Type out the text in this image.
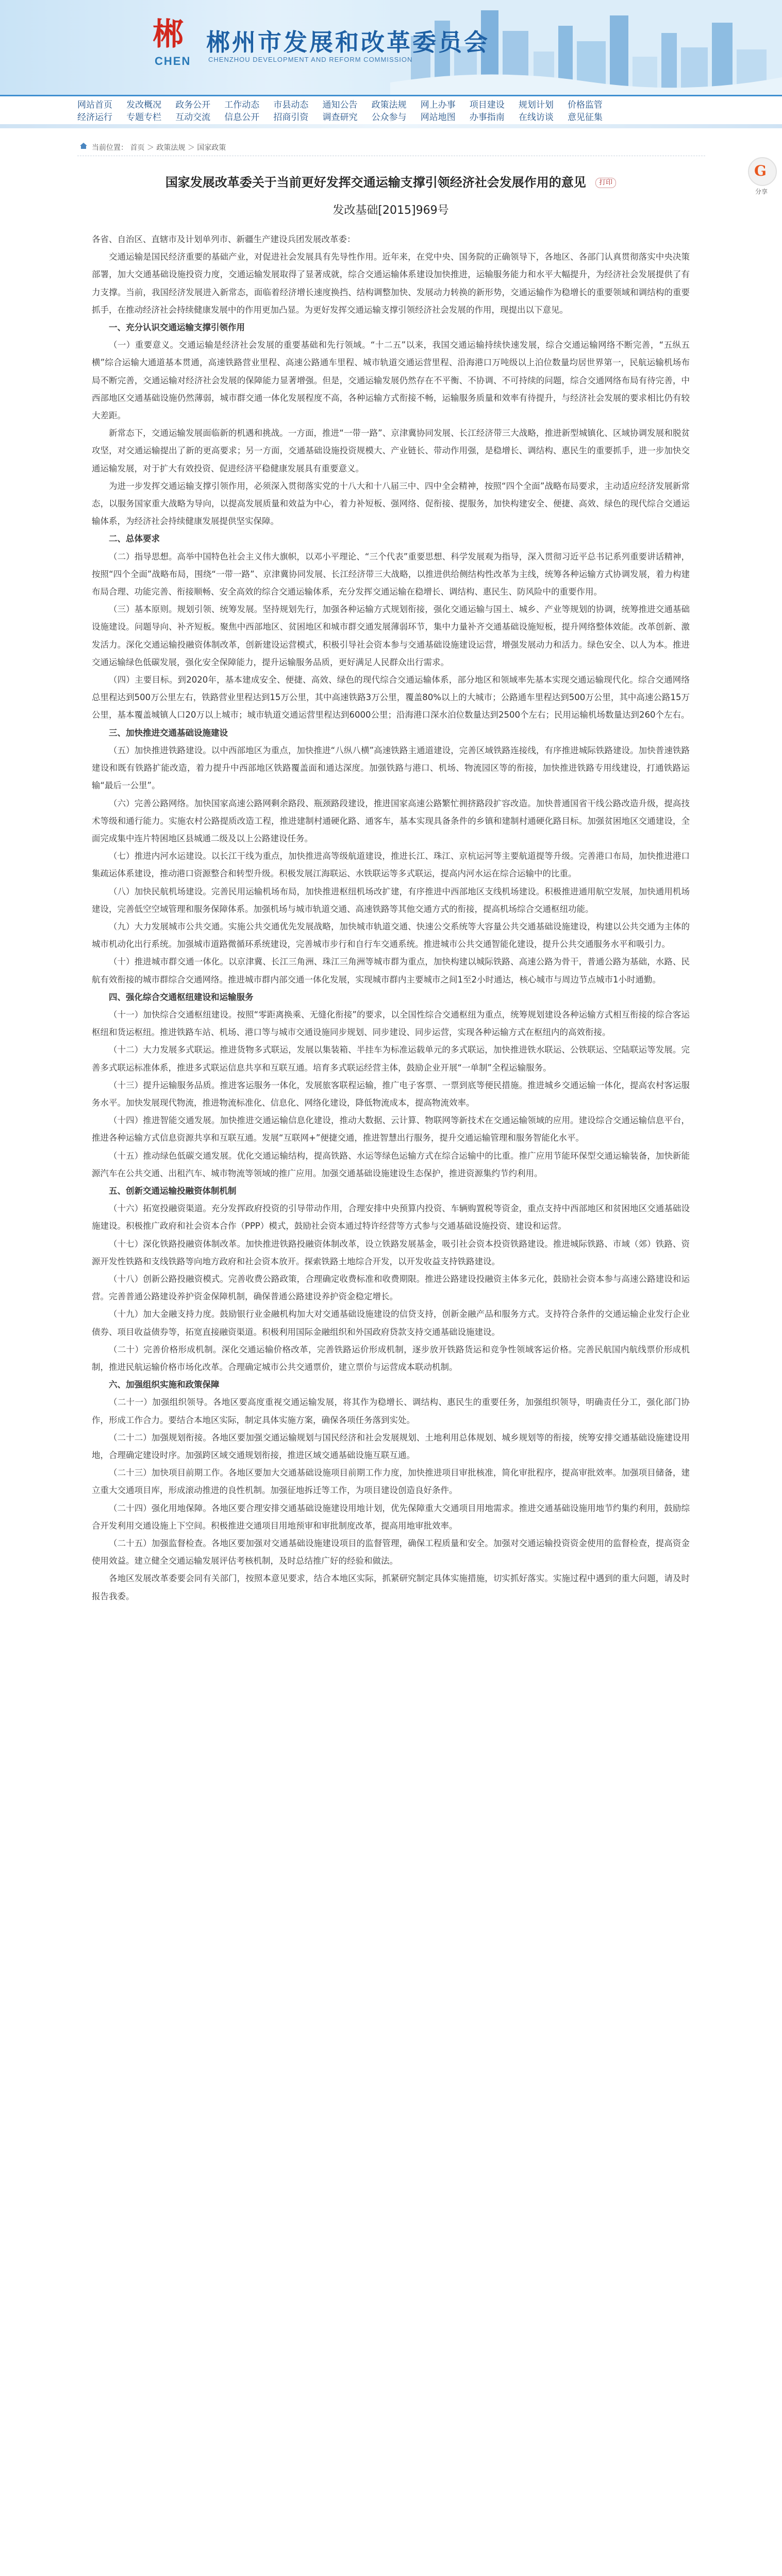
郴
CHEN
郴州市发展和改革委员会
CHENZHOU DEVELOPMENT AND REFORM COMMISSION
网站首页 发改概况 政务公开 工作动态 市县动态 通知公告 政策法规 网上办事 项目建设 规划计划 价格监管
经济运行 专题专栏 互动交流 信息公开 招商引资 调查研究 公众参与 网站地图 办事指南 在线访谈 意见征集
当前位置： 首页 ＞ 政策法规 ＞ 国家政策
G
分享
国家发展改革委关于当前更好发挥交通运输支撑引领经济社会发展作用的意见 打印
发改基础[2015]969号

各省、自治区、直辖市及计划单列市、新疆生产建设兵团发展改革委：

交通运输是国民经济重要的基础产业，对促进社会发展具有先导性作用。近年来，在党中央、国务院的正确领导下，各地区、各部门认真贯彻落实中央决策部署，加大交通基础设施投资力度，交通运输发展取得了显著成就，综合交通运输体系建设加快推进，运输服务能力和水平大幅提升，为经济社会发展提供了有力支撑。当前，我国经济发展进入新常态，面临着经济增长速度换挡、结构调整加快、发展动力转换的新形势，交通运输作为稳增长的重要领域和调结构的重要抓手，在推动经济社会持续健康发展中的作用更加凸显。为更好发挥交通运输支撑引领经济社会发展的作用，现提出以下意见。

一、充分认识交通运输支撑引领作用

（一）重要意义。交通运输是经济社会发展的重要基础和先行领域。“十二五”以来，我国交通运输持续快速发展，综合交通运输网络不断完善，“五纵五横”综合运输大通道基本贯通，高速铁路营业里程、高速公路通车里程、城市轨道交通运营里程、沿海港口万吨级以上泊位数量均居世界第一，民航运输机场布局不断完善，交通运输对经济社会发展的保障能力显著增强。但是，交通运输发展仍然存在不平衡、不协调、不可持续的问题，综合交通网络布局有待完善，中西部地区交通基础设施仍然薄弱，城市群交通一体化发展程度不高，各种运输方式衔接不畅，运输服务质量和效率有待提升，与经济社会发展的要求相比仍有较大差距。

新常态下，交通运输发展面临新的机遇和挑战。一方面，推进“一带一路”、京津冀协同发展、长江经济带三大战略，推进新型城镇化、区域协调发展和脱贫攻坚，对交通运输提出了新的更高要求；另一方面，交通基础设施投资规模大、产业链长、带动作用强，是稳增长、调结构、惠民生的重要抓手，进一步加快交通运输发展，对于扩大有效投资、促进经济平稳健康发展具有重要意义。

为进一步发挥交通运输支撑引领作用，必须深入贯彻落实党的十八大和十八届三中、四中全会精神，按照“四个全面”战略布局要求，主动适应经济发展新常态，以服务国家重大战略为导向，以提高发展质量和效益为中心，着力补短板、强网络、促衔接、提服务，加快构建安全、便捷、高效、绿色的现代综合交通运输体系，为经济社会持续健康发展提供坚实保障。

二、总体要求

（二）指导思想。高举中国特色社会主义伟大旗帜，以邓小平理论、“三个代表”重要思想、科学发展观为指导，深入贯彻习近平总书记系列重要讲话精神，按照“四个全面”战略布局，围绕“一带一路”、京津冀协同发展、长江经济带三大战略，以推进供给侧结构性改革为主线，统筹各种运输方式协调发展，着力构建布局合理、功能完善、衔接顺畅、安全高效的综合交通运输体系，充分发挥交通运输在稳增长、调结构、惠民生、防风险中的重要作用。

（三）基本原则。规划引领、统筹发展。坚持规划先行，加强各种运输方式规划衔接，强化交通运输与国土、城乡、产业等规划的协调，统筹推进交通基础设施建设。问题导向、补齐短板。聚焦中西部地区、贫困地区和城市群交通发展薄弱环节，集中力量补齐交通基础设施短板，提升网络整体效能。改革创新、激发活力。深化交通运输投融资体制改革，创新建设运营模式，积极引导社会资本参与交通基础设施建设运营，增强发展动力和活力。绿色安全、以人为本。推进交通运输绿色低碳发展，强化安全保障能力，提升运输服务品质，更好满足人民群众出行需求。

（四）主要目标。到2020年，基本建成安全、便捷、高效、绿色的现代综合交通运输体系，部分地区和领域率先基本实现交通运输现代化。综合交通网络总里程达到500万公里左右，铁路营业里程达到15万公里，其中高速铁路3万公里，覆盖80%以上的大城市；公路通车里程达到500万公里，其中高速公路15万公里，基本覆盖城镇人口20万以上城市；城市轨道交通运营里程达到6000公里；沿海港口深水泊位数量达到2500个左右；民用运输机场数量达到260个左右。

三、加快推进交通基础设施建设

（五）加快推进铁路建设。以中西部地区为重点，加快推进“八纵八横”高速铁路主通道建设，完善区域铁路连接线，有序推进城际铁路建设。加快普速铁路建设和既有铁路扩能改造，着力提升中西部地区铁路覆盖面和通达深度。加强铁路与港口、机场、物流园区等的衔接，加快推进铁路专用线建设，打通铁路运输“最后一公里”。

（六）完善公路网络。加快国家高速公路网剩余路段、瓶颈路段建设，推进国家高速公路繁忙拥挤路段扩容改造。加快普通国省干线公路改造升级，提高技术等级和通行能力。实施农村公路提质改造工程，推进建制村通硬化路、通客车，基本实现具备条件的乡镇和建制村通硬化路目标。加强贫困地区交通建设，全面完成集中连片特困地区县城通二级及以上公路建设任务。

（七）推进内河水运建设。以长江干线为重点，加快推进高等级航道建设，推进长江、珠江、京杭运河等主要航道提等升级。完善港口布局，加快推进港口集疏运体系建设，推动港口资源整合和转型升级。积极发展江海联运、水铁联运等多式联运，提高内河水运在综合运输中的比重。

（八）加快民航机场建设。完善民用运输机场布局，加快推进枢纽机场改扩建，有序推进中西部地区支线机场建设。积极推进通用航空发展，加快通用机场建设，完善低空空域管理和服务保障体系。加强机场与城市轨道交通、高速铁路等其他交通方式的衔接，提高机场综合交通枢纽功能。

（九）大力发展城市公共交通。实施公共交通优先发展战略，加快城市轨道交通、快速公交系统等大容量公共交通基础设施建设，构建以公共交通为主体的城市机动化出行系统。加强城市道路微循环系统建设，完善城市步行和自行车交通系统。推进城市公共交通智能化建设，提升公共交通服务水平和吸引力。

（十）推进城市群交通一体化。以京津冀、长江三角洲、珠江三角洲等城市群为重点，加快构建以城际铁路、高速公路为骨干，普通公路为基础，水路、民航有效衔接的城市群综合交通网络。推进城市群内部交通一体化发展，实现城市群内主要城市之间1至2小时通达，核心城市与周边节点城市1小时通勤。

四、强化综合交通枢纽建设和运输服务

（十一）加快综合交通枢纽建设。按照“零距离换乘、无缝化衔接”的要求，以全国性综合交通枢纽为重点，统筹规划建设各种运输方式相互衔接的综合客运枢纽和货运枢纽。推进铁路车站、机场、港口等与城市交通设施同步规划、同步建设、同步运营，实现各种运输方式在枢纽内的高效衔接。

（十二）大力发展多式联运。推进货物多式联运，发展以集装箱、半挂车为标准运载单元的多式联运，加快推进铁水联运、公铁联运、空陆联运等发展。完善多式联运标准体系，推进多式联运信息共享和互联互通。培育多式联运经营主体，鼓励企业开展“一单制”全程运输服务。

（十三）提升运输服务品质。推进客运服务一体化，发展旅客联程运输，推广电子客票、一票到底等便民措施。推进城乡交通运输一体化，提高农村客运服务水平。加快发展现代物流，推进物流标准化、信息化、网络化建设，降低物流成本，提高物流效率。

（十四）推进智能交通发展。加快推进交通运输信息化建设，推动大数据、云计算、物联网等新技术在交通运输领域的应用。建设综合交通运输信息平台，推进各种运输方式信息资源共享和互联互通。发展“互联网+”便捷交通，推进智慧出行服务，提升交通运输管理和服务智能化水平。

（十五）推动绿色低碳交通发展。优化交通运输结构，提高铁路、水运等绿色运输方式在综合运输中的比重。推广应用节能环保型交通运输装备，加快新能源汽车在公共交通、出租汽车、城市物流等领域的推广应用。加强交通基础设施建设生态保护，推进资源集约节约利用。

五、创新交通运输投融资体制机制

（十六）拓宽投融资渠道。充分发挥政府投资的引导带动作用，合理安排中央预算内投资、车辆购置税等资金，重点支持中西部地区和贫困地区交通基础设施建设。积极推广政府和社会资本合作（PPP）模式，鼓励社会资本通过特许经营等方式参与交通基础设施投资、建设和运营。

（十七）深化铁路投融资体制改革。加快推进铁路投融资体制改革，设立铁路发展基金，吸引社会资本投资铁路建设。推进城际铁路、市域（郊）铁路、资源开发性铁路和支线铁路等向地方政府和社会资本放开。探索铁路土地综合开发，以开发收益支持铁路建设。

（十八）创新公路投融资模式。完善收费公路政策，合理确定收费标准和收费期限。推进公路建设投融资主体多元化，鼓励社会资本参与高速公路建设和运营。完善普通公路建设养护资金保障机制，确保普通公路建设养护资金稳定增长。

（十九）加大金融支持力度。鼓励银行业金融机构加大对交通基础设施建设的信贷支持，创新金融产品和服务方式。支持符合条件的交通运输企业发行企业债券、项目收益债券等，拓宽直接融资渠道。积极利用国际金融组织和外国政府贷款支持交通基础设施建设。

（二十）完善价格形成机制。深化交通运输价格改革，完善铁路运价形成机制，逐步放开铁路货运和竞争性领域客运价格。完善民航国内航线票价形成机制，推进民航运输价格市场化改革。合理确定城市公共交通票价，建立票价与运营成本联动机制。

六、加强组织实施和政策保障

（二十一）加强组织领导。各地区要高度重视交通运输发展，将其作为稳增长、调结构、惠民生的重要任务，加强组织领导，明确责任分工，强化部门协作，形成工作合力。要结合本地区实际，制定具体实施方案，确保各项任务落到实处。

（二十二）加强规划衔接。各地区要加强交通运输规划与国民经济和社会发展规划、土地利用总体规划、城乡规划等的衔接，统筹安排交通基础设施建设用地，合理确定建设时序。加强跨区域交通规划衔接，推进区域交通基础设施互联互通。

（二十三）加快项目前期工作。各地区要加大交通基础设施项目前期工作力度，加快推进项目审批核准，简化审批程序，提高审批效率。加强项目储备，建立重大交通项目库，形成滚动推进的良性机制。加强征地拆迁等工作，为项目建设创造良好条件。

（二十四）强化用地保障。各地区要合理安排交通基础设施建设用地计划，优先保障重大交通项目用地需求。推进交通基础设施用地节约集约利用，鼓励综合开发利用交通设施上下空间。积极推进交通项目用地预审和审批制度改革，提高用地审批效率。

（二十五）加强监督检查。各地区要加强对交通基础设施建设项目的监督管理，确保工程质量和安全。加强对交通运输投资资金使用的监督检查，提高资金使用效益。建立健全交通运输发展评估考核机制，及时总结推广好的经验和做法。

各地区发展改革委要会同有关部门，按照本意见要求，结合本地区实际，抓紧研究制定具体实施措施，切实抓好落实。实施过程中遇到的重大问题，请及时报告我委。
